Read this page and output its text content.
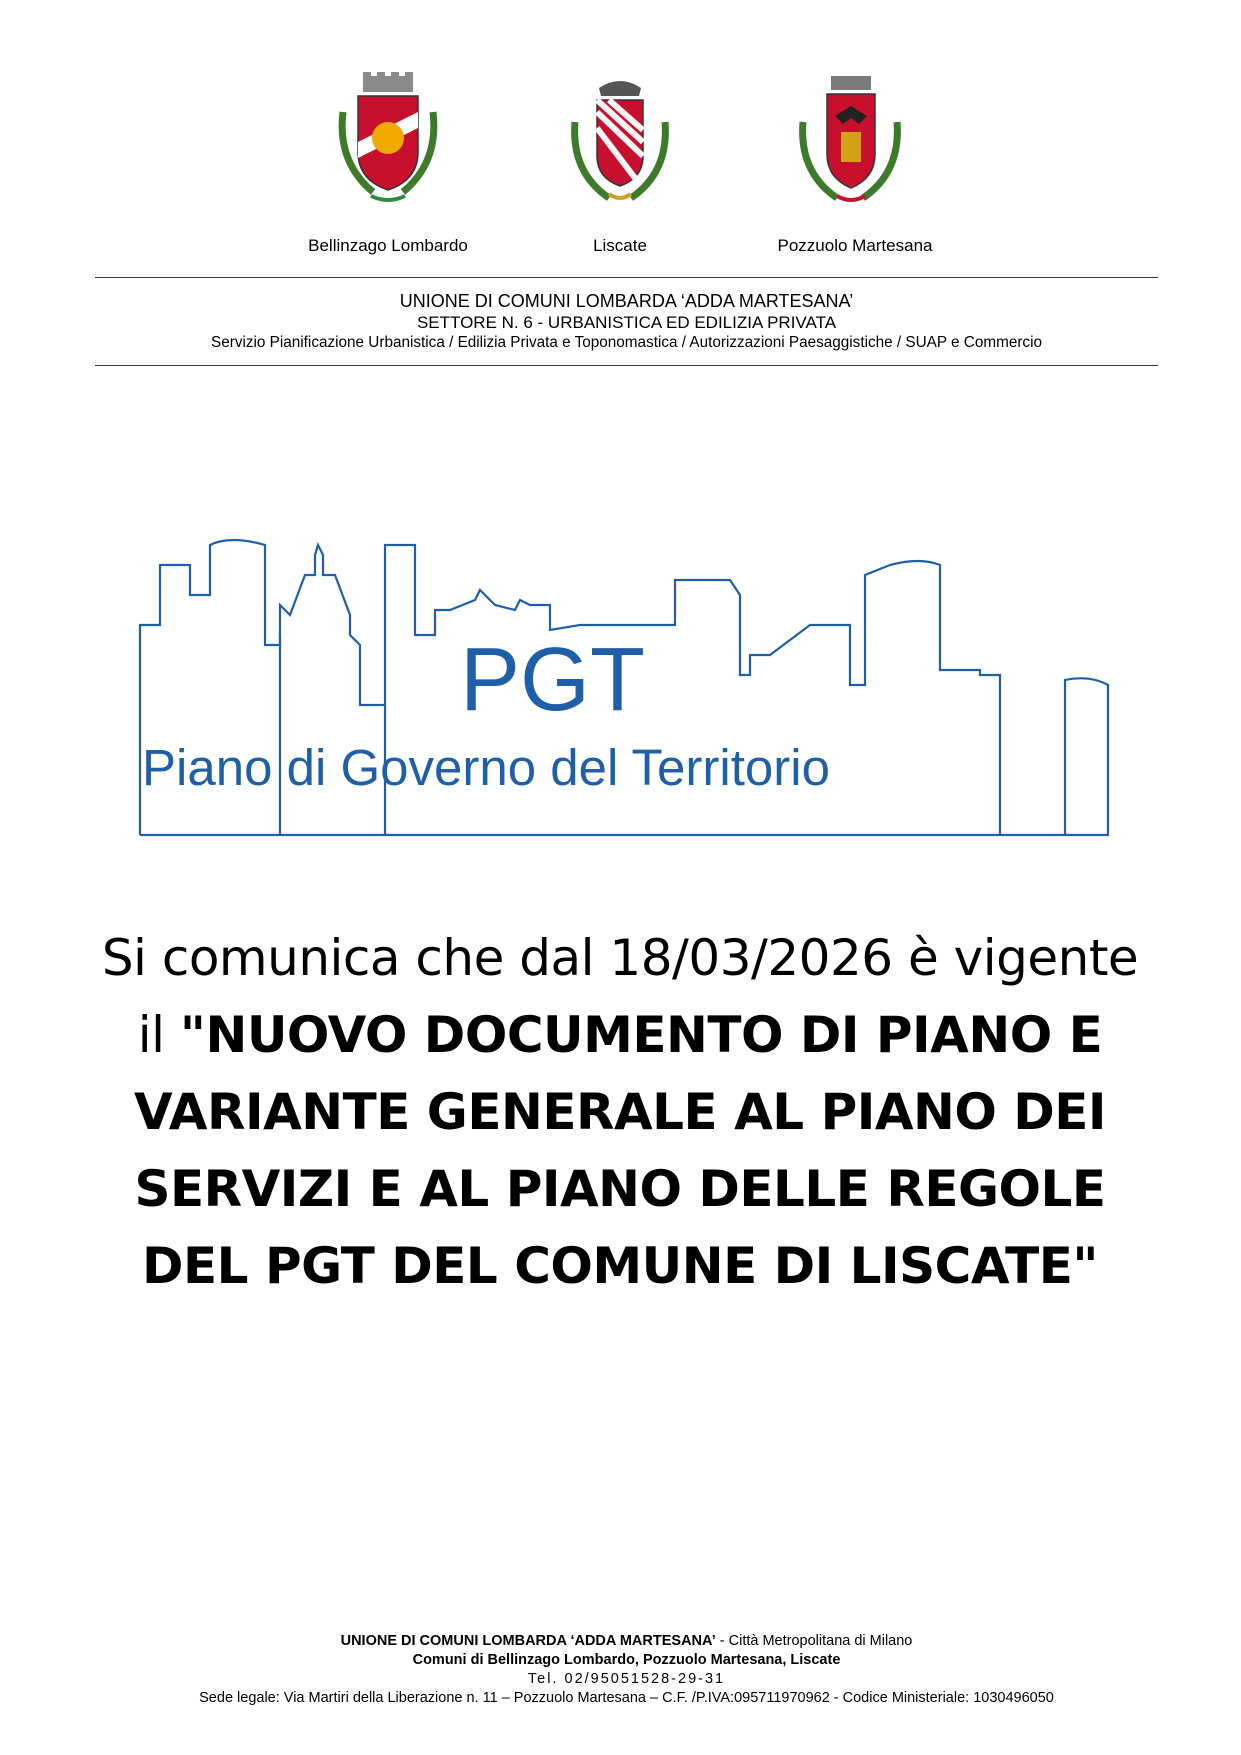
Bellinzago Lombardo	Liscate	Pozzuolo Martesana
UNIONE DI COMUNI LOMBARDA ‘ADDA MARTESANA’
SETTORE N. 6 - URBANISTICA ED EDILIZIA PRIVATA
Servizio Pianificazione Urbanistica / Edilizia Privata e Toponomastica / Autorizzazioni Paesaggistiche / SUAP e Commercio
PGT
Piano di Governo del Territorio
Si comunica che dal 18/03/2026 è vigente il "NUOVO DOCUMENTO DI PIANO E VARIANTE GENERALE AL PIANO DEI SERVIZI E AL PIANO DELLE REGOLE DEL PGT DEL COMUNE DI LISCATE"
UNIONE DI COMUNI LOMBARDA ‘ADDA MARTESANA’ - Città Metropolitana di Milano
Comuni di Bellinzago Lombardo, Pozzuolo Martesana, Liscate
Tel. 02/95051528-29-31
Sede legale: Via Martiri della Liberazione n. 11 – Pozzuolo Martesana – C.F. /P.IVA:095711970962 - Codice Ministeriale: 1030496050
